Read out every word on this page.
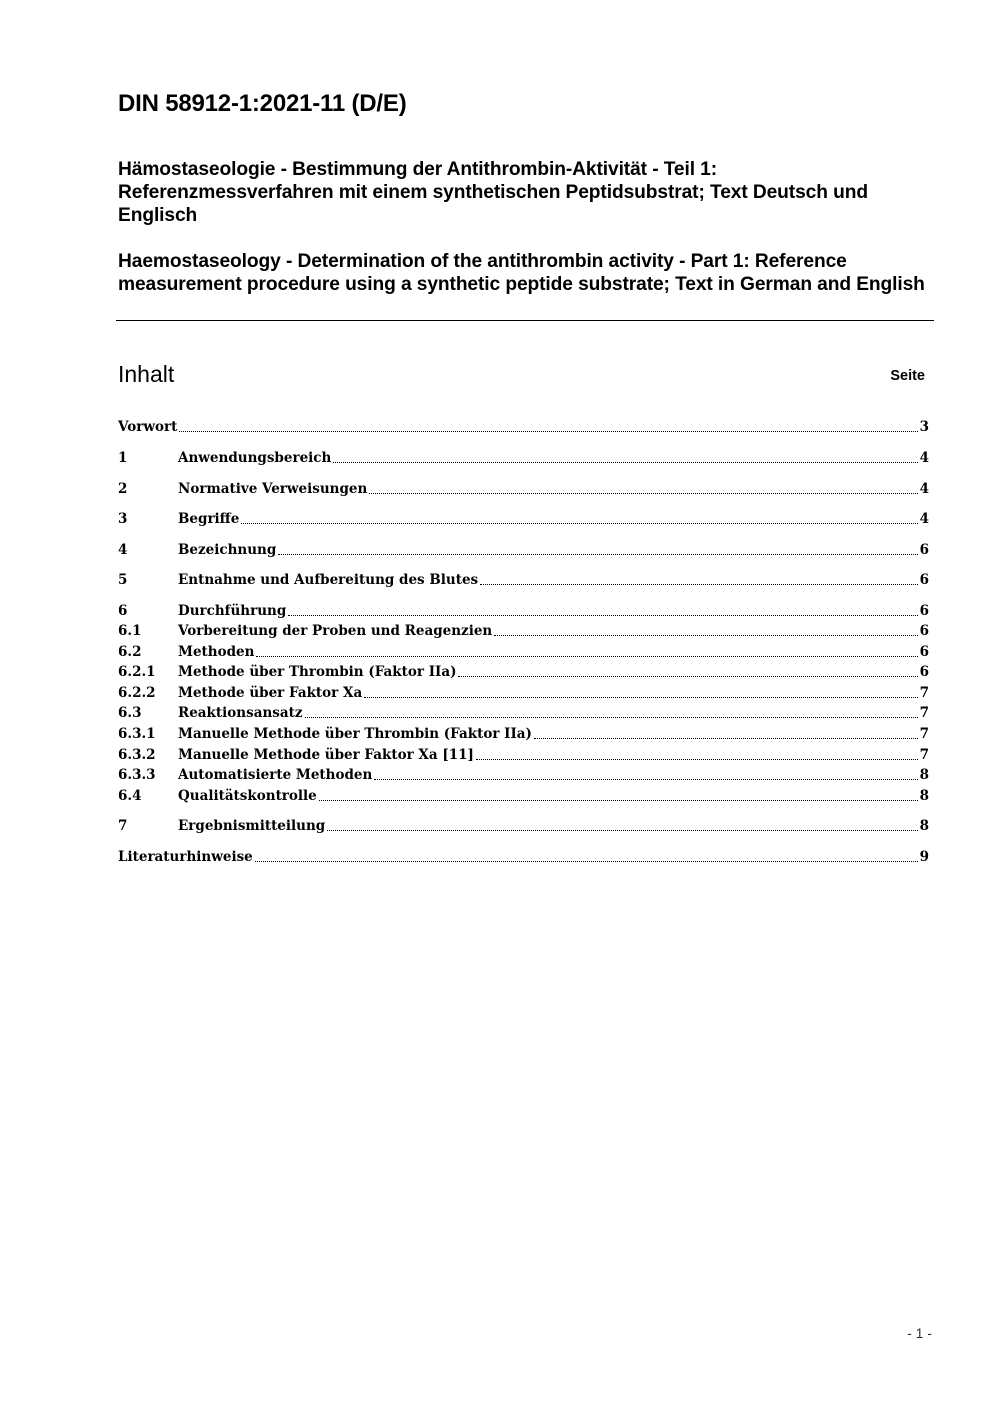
DIN 58912-1:2021-11 (D/E)

Hämostaseologie - Bestimmung der Antithrombin-Aktivität - Teil 1: Referenzmessverfahren mit einem synthetischen Peptidsubstrat; Text Deutsch und Englisch

Haemostaseology - Determination of the antithrombin activity - Part 1: Reference measurement procedure using a synthetic peptide substrate; Text in German and English

Inhalt	Seite
Vorwort	3
1	Anwendungsbereich	4
2	Normative Verweisungen	4
3	Begriffe	4
4	Bezeichnung	6
5	Entnahme und Aufbereitung des Blutes	6
6	Durchführung	6
6.1	Vorbereitung der Proben und Reagenzien	6
6.2	Methoden	6
6.2.1	Methode über Thrombin (Faktor IIa)	6
6.2.2	Methode über Faktor Xa	7
6.3	Reaktionsansatz	7
6.3.1	Manuelle Methode über Thrombin (Faktor IIa)	7
6.3.2	Manuelle Methode über Faktor Xa [11]	7
6.3.3	Automatisierte Methoden	8
6.4	Qualitätskontrolle	8
7	Ergebnismitteilung	8
Literaturhinweise	9
- 1 -
